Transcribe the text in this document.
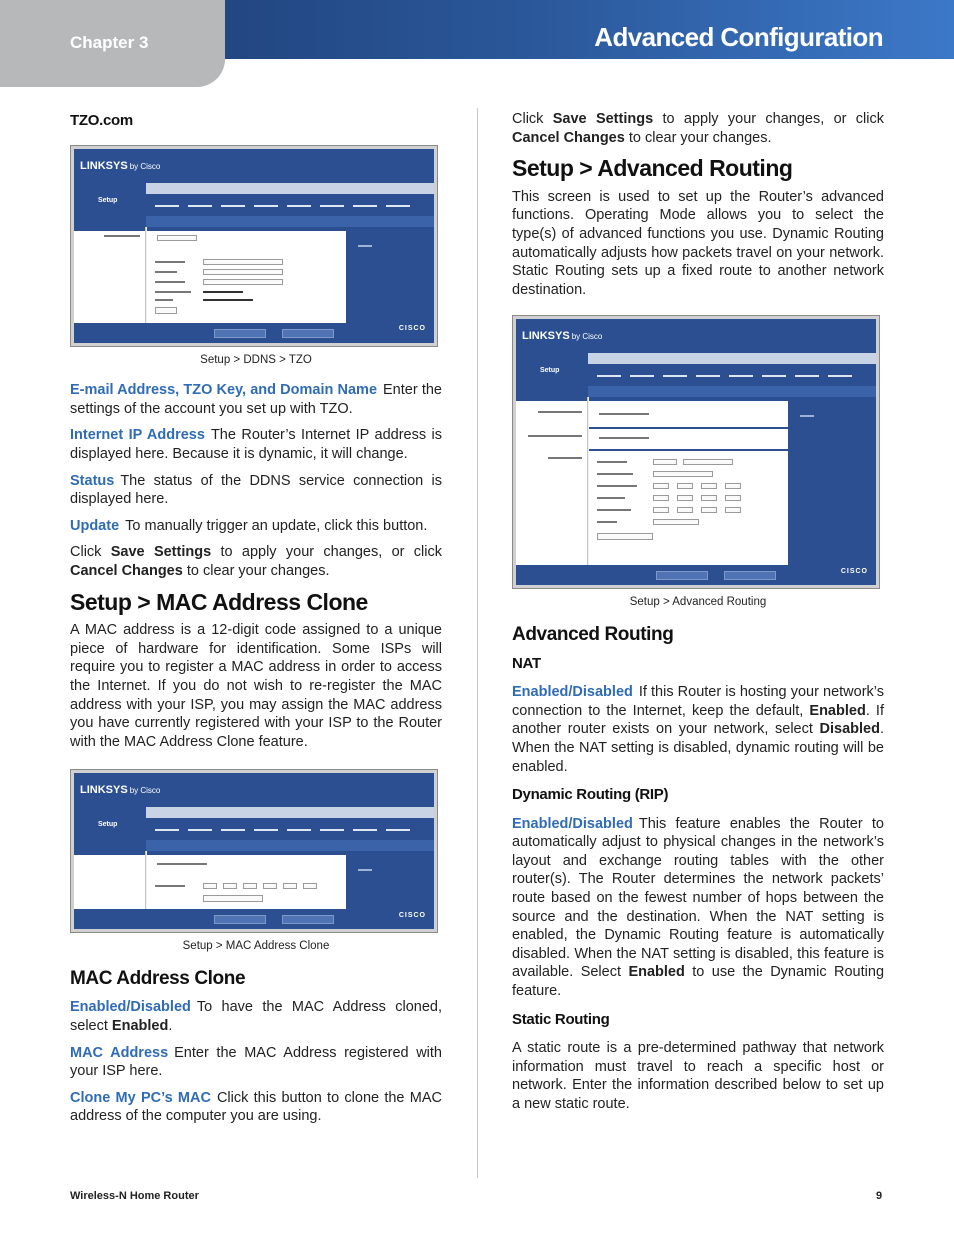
Chapter 3	Advanced Configuration
TZO.com
LINKSYS by Cisco
Setup
CISCO
Setup > DDNS > TZO

E-mail Address, TZO Key, and Domain Name Enter the settings of the account you set up with TZO.

Internet IP Address The Router’s Internet IP address is displayed here. Because it is dynamic, it will change.

Status The status of the DDNS service connection is displayed here.

Update To manually trigger an update, click this button.

Click Save Settings to apply your changes, or click Cancel Changes to clear your changes.

Setup > MAC Address Clone

A MAC address is a 12-digit code assigned to a unique piece of hardware for identification. Some ISPs will require you to register a MAC address in order to access the Internet. If you do not wish to re-register the MAC address with your ISP, you may assign the MAC address you have currently registered with your ISP to the Router with the MAC Address Clone feature.

LINKSYS by Cisco
Setup
CISCO
Setup > MAC Address Clone
MAC Address Clone

Enabled/Disabled To have the MAC Address cloned, select Enabled.

MAC Address Enter the MAC Address registered with your ISP here.

Clone My PC’s MAC Click this button to clone the MAC address of the computer you are using.

Click Save Settings to apply your changes, or click Cancel Changes to clear your changes.

Setup > Advanced Routing

This screen is used to set up the Router’s advanced functions. Operating Mode allows you to select the type(s) of advanced functions you use. Dynamic Routing automatically adjusts how packets travel on your network. Static Routing sets up a fixed route to another network destination.

LINKSYS by Cisco
Setup
CISCO
Setup > Advanced Routing
Advanced Routing
NAT

Enabled/Disabled If this Router is hosting your network’s connection to the Internet, keep the default, Enabled. If another router exists on your network, select Disabled. When the NAT setting is disabled, dynamic routing will be enabled.

Dynamic Routing (RIP)

Enabled/Disabled This feature enables the Router to automatically adjust to physical changes in the network’s layout and exchange routing tables with the other router(s). The Router determines the network packets’ route based on the fewest number of hops between the source and the destination. When the NAT setting is enabled, the Dynamic Routing feature is automatically disabled. When the NAT setting is disabled, this feature is available. Select Enabled to use the Dynamic Routing feature.

Static Routing

A static route is a pre-determined pathway that network information must travel to reach a specific host or network. Enter the information described below to set up a new static route.

Wireless-N Home Router	9
